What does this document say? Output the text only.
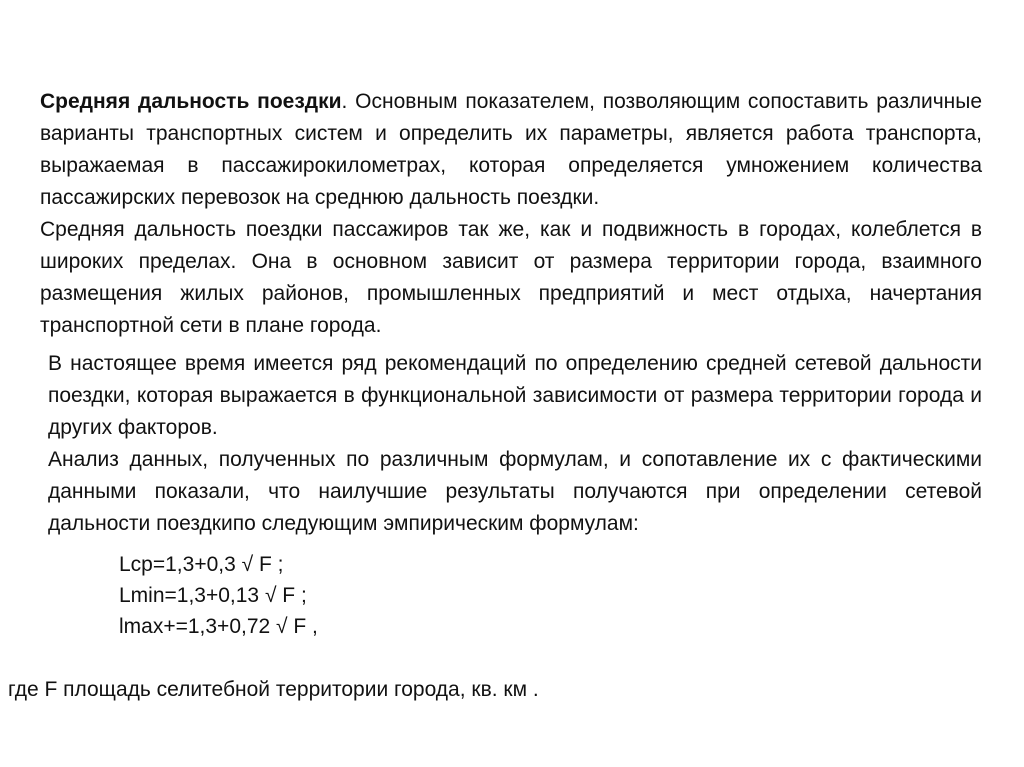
Средняя дальность поездки. Основным показателем, позволяющим сопоставить различные варианты транспортных систем и определить их параметры, является работа транспорта, выражаемая в пассажирокилометрах, которая определяется умножением количества пассажирских перевозок на среднюю дальность поездки.

Средняя дальность поездки пассажиров так же, как и подвижность в городах, колеблется в широких пределах. Она в основном зависит от размера территории города, взаимного размещения жилых районов, промышленных предприятий и мест отдыха, начертания транспортной сети в плане города.

В настоящее время имеется ряд рекомендаций по определению средней сетевой дальности поездки, которая выражается в функциональной зависимости от размера территории города и других факторов.

Анализ данных, полученных по различным формулам, и сопотавление их с фактическими данными показали, что наилучшие результаты получаются при определении сетевой дальности поездкипо следующим эмпирическим формулам:

Lср=1,3+0,3 √ F ;
Lmin=1,3+0,13 √ F ;
lmax+=1,3+0,72 √ F ,
где F площадь селитебной территории города, кв. км .
